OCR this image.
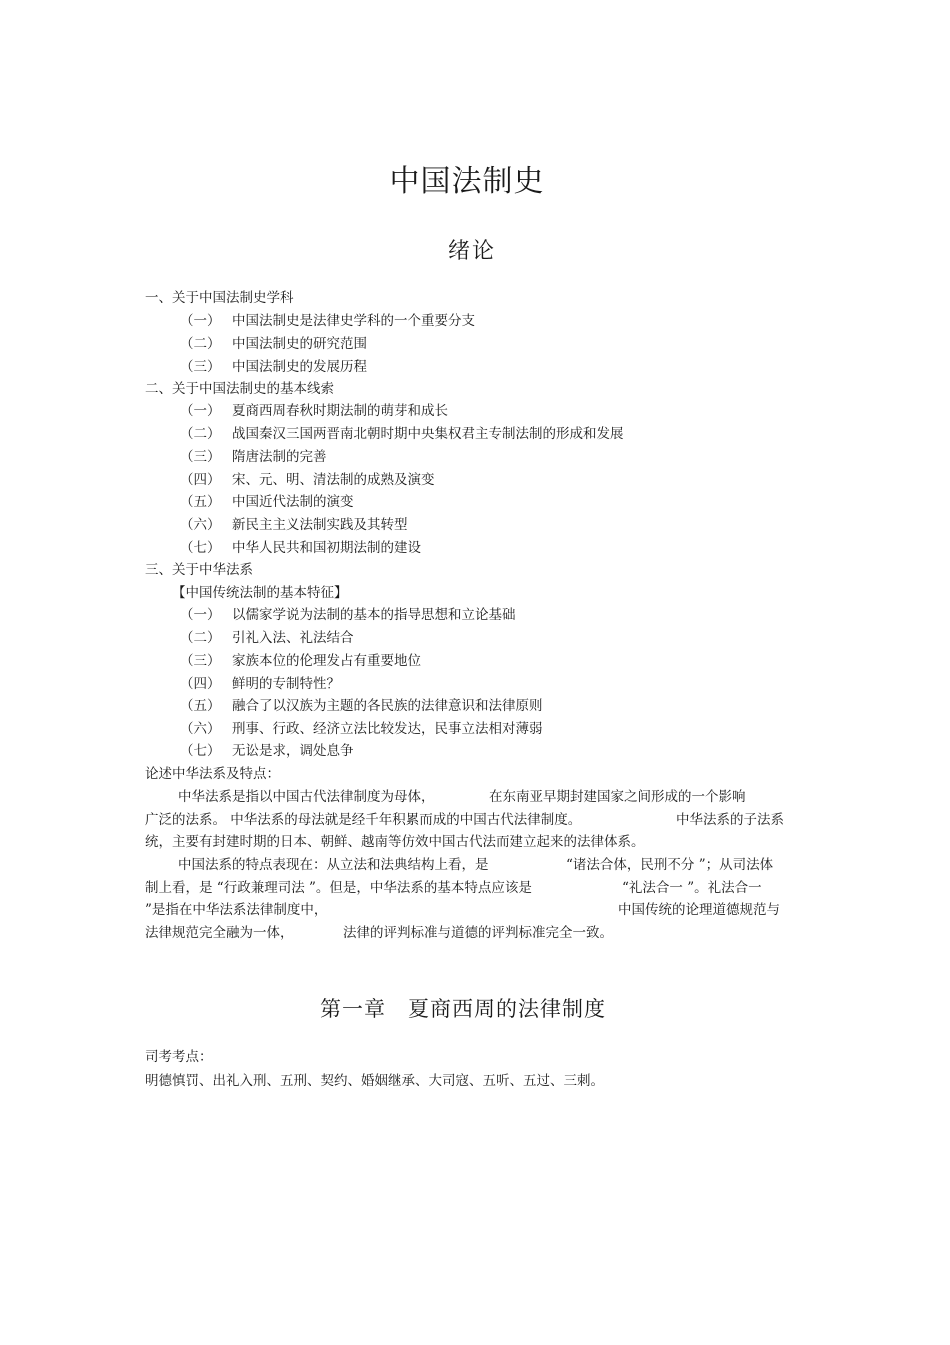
中国法制史
绪论
一、关于中国法制史学科
（一） 中国法制史是法律史学科的一个重要分支
（二） 中国法制史的研究范围
（三） 中国法制史的发展历程
二、关于中国法制史的基本线索
（一） 夏商西周春秋时期法制的萌芽和成长
（二） 战国秦汉三国两晋南北朝时期中央集权君主专制法制的形成和发展
（三） 隋唐法制的完善
（四） 宋、元、明、清法制的成熟及演变
（五） 中国近代法制的演变
（六） 新民主主义法制实践及其转型
（七） 中华人民共和国初期法制的建设
三、关于中华法系
【中国传统法制的基本特征】
（一） 以儒家学说为法制的基本的指导思想和立论基础
（二） 引礼入法、礼法结合
（三） 家族本位的伦理发占有重要地位
（四） 鲜明的专制特性？
（五） 融合了以汉族为主题的各民族的法律意识和法律原则
（六） 刑事、行政、经济立法比较发达，民事立法相对薄弱
（七） 无讼是求，调处息争
论述中华法系及特点：
中华法系是指以中国古代法律制度为母体，	在东南亚早期封建国家之间形成的一个影响
广泛的法系。 中华法系的母法就是经千年积累而成的中国古代法律制度。	中华法系的子法系
统，主要有封建时期的日本、朝鲜、越南等仿效中国古代法而建立起来的法律体系。
中国法系的特点表现在：从立法和法典结构上看，是	“诸法合体，民刑不分 ”；从司法体
制上看，是 “行政兼理司法 ”。但是，中华法系的基本特点应该是	“礼法合一 ”。礼法合一
”是指在中华法系法律制度中，	中国传统的论理道德规范与
法律规范完全融为一体，	法律的评判标准与道德的评判标准完全一致。
第一章　夏商西周的法律制度
司考考点：
明德慎罚、出礼入刑、五刑、契约、婚姻继承、大司寇、五听、五过、三刺。
